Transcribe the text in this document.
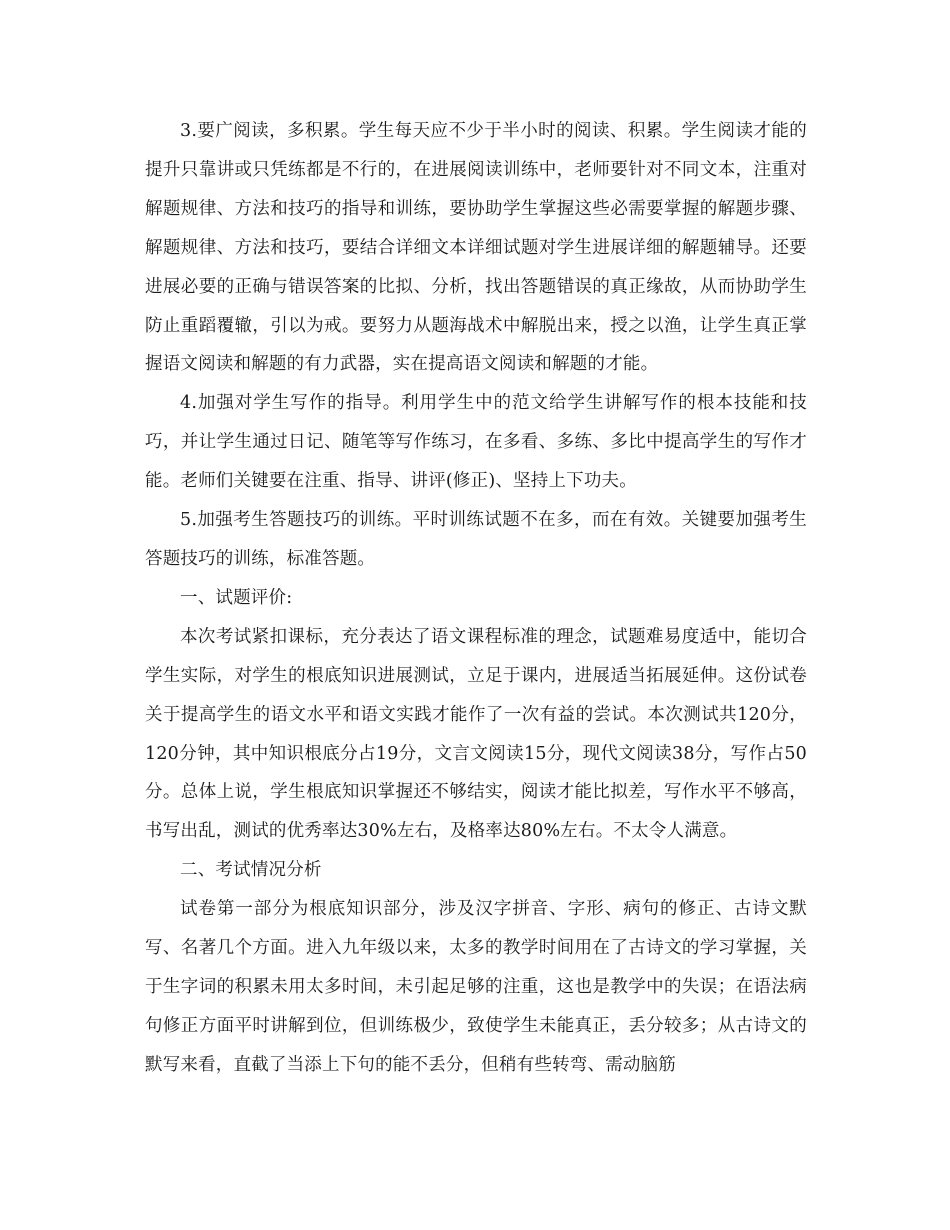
3.要广阅读，多积累。学生每天应不少于半小时的阅读、积累。学生阅读才能的提升只靠讲或只凭练都是不行的，在进展阅读训练中，老师要针对不同文本，注重对解题规律、方法和技巧的指导和训练，要协助学生掌握这些必需要掌握的解题步骤、解题规律、方法和技巧，要结合详细文本详细试题对学生进展详细的解题辅导。还要进展必要的正确与错误答案的比拟、分析，找出答题错误的真正缘故，从而协助学生防止重蹈覆辙，引以为戒。要努力从题海战术中解脱出来，授之以渔，让学生真正掌握语文阅读和解题的有力武器，实在提高语文阅读和解题的才能。

4.加强对学生写作的指导。利用学生中的范文给学生讲解写作的根本技能和技巧，并让学生通过日记、随笔等写作练习，在多看、多练、多比中提高学生的写作才能。老师们关键要在注重、指导、讲评(修正)、坚持上下功夫。

5.加强考生答题技巧的训练。平时训练试题不在多，而在有效。关键要加强考生答题技巧的训练，标准答题。

一、试题评价:

本次考试紧扣课标，充分表达了语文课程标准的理念，试题难易度适中，能切合学生实际，对学生的根底知识进展测试，立足于课内，进展适当拓展延伸。这份试卷关于提高学生的语文水平和语文实践才能作了一次有益的尝试。本次测试共120分，120分钟，其中知识根底分占19分，文言文阅读15分，现代文阅读38分，写作占50分。总体上说，学生根底知识掌握还不够结实，阅读才能比拟差，写作水平不够高，书写出乱，测试的优秀率达30%左右，及格率达80%左右。不太令人满意。

二、考试情况分析

试卷第一部分为根底知识部分，涉及汉字拼音、字形、病句的修正、古诗文默写、名著几个方面。进入九年级以来，太多的教学时间用在了古诗文的学习掌握，关于生字词的积累未用太多时间，未引起足够的注重，这也是教学中的失误；在语法病句修正方面平时讲解到位，但训练极少，致使学生未能真正，丢分较多；从古诗文的默写来看，直截了当添上下句的能不丢分，但稍有些转弯、需动脑筋
